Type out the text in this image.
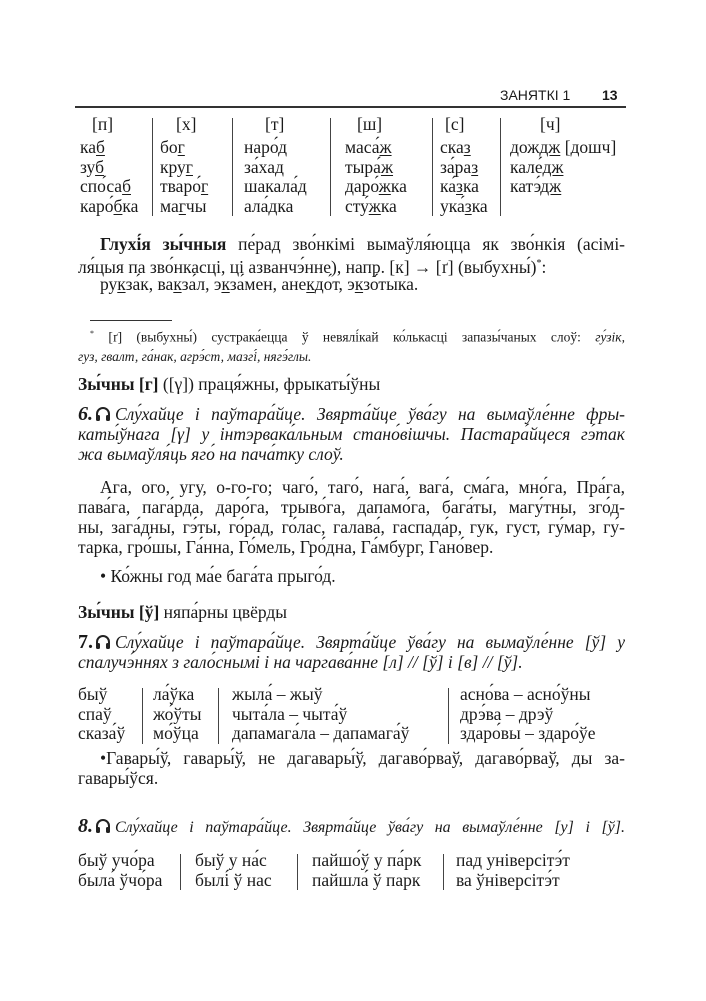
ЗАНЯТКІ 1 13
[п]
каб
зуб
спо́саб
каро́бка
[х]
бог
круг
тваро́г
магчы
[т]
наро́д
за́хад
шакала́д
ала́дка
[ш]
маса́ж
тыра́ж
даро́жка
сту́жка
[с]
сказ
за́раз
ка́зка
ука́зка
[ч]
дождж [дошч]
кале́дж
катэ́дж
Глухі́я зы́чныя пе́рад зво́нкімі вымаўля́юцца як зво́нкія (асімі-
ля́цыя па зво́нкасці, ці азванчэ́нне), напр. [к] → [ґ] (выбухны́)*:
рукза́к, вакза́л, экза́мен, анекдо́т, экзо́тыка.
* [ґ] (выбухны́) сустрака́ецца ў невялі́кай ко́лькасці запазы́чаных слоў: гу́зік,
гуз, гвалт, га́нак, агрэ́ст, мазгі́, нягэ́глы.
Зы́чны [г] ([γ]) праця́жны, фрыкаты́ўны
6. Слу́хайце і паўтара́йце. Звярта́йце ўва́гу на вымаўле́нне фры-
каты́ўнага [γ] у інтэрвака́льным стано́вішчы. Пастара́йцеся гэ́так
жа вымаўля́ць яго́ на пача́тку слоў.
Ага, ого, угу, о-го-го; чаго́, таго́, нага́, вага́, сма́га, мно́га, Пра́га,
пава́га, пага́рда, даро́га, трыво́га, дапамо́га, бага́ты, магу́тны, зго́д-
ны, зага́дны, гэ́ты, го́рад, го́лас, галава́, гаспада́р, гук, густ, гу́мар, гу́-
тарка, гро́шы, Га́нна, Го́мель, Гро́дна, Га́мбург, Гано́вер.
• Ко́жны год ма́е бага́та прыго́д.
Зы́чны [ў] няпа́рны цвёрды
7. Слу́хайце і паўтара́йце. Звярта́йце ўва́гу на вымаўле́нне [ў] у
спалучэ́ннях з гало́снымі і на чаргава́нне [л] // [ў] і [в] // [ў].
быў
спаў
сказа́ў
ла́ўка
жо́ўты
мо́ўца
жыла́ – жыў
чыта́ла – чыта́ў
дапамага́ла – дапамага́ў
асно́ва – асно́ўны
дрэ́ва – дрэў
здаро́вы – здаро́ўе
•Гавары́ў, гавары́ў, не дагавары́ў, дагаво́рваў, дагаво́рваў, ды за-
гавары́ўся.
8. Слу́хайце і паўтара́йце. Звярта́йце ўва́гу на вымаўле́нне [у] і [ў].
быў учо́ра
была́ ўчо́ра
быў у на́с
былі́ ў нас
пайшо́ў у па́рк
пайшла́ ў парк
пад універсітэ́т
ва ўніверсітэ́т
